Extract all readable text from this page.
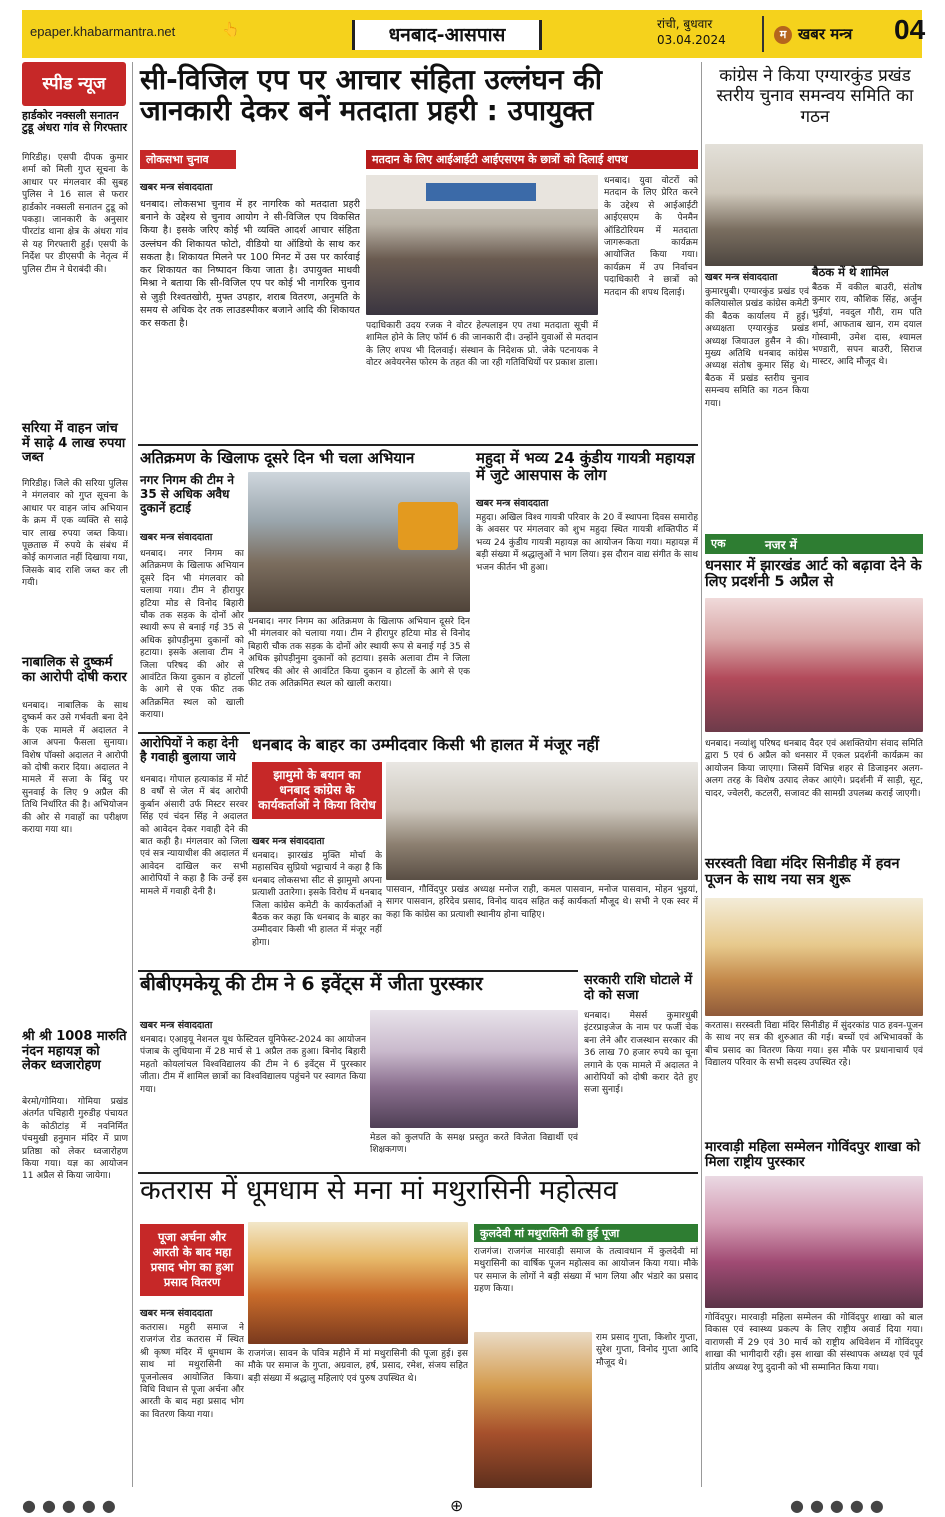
epaper.khabarmantra.net	👆	धनबाद-आसपास	रांची, बुधवार
03.04.2024	म खबर मन्त्र	04
स्पीड न्यूज
हार्डकोर नक्सली सनातन टुडू अंधरा गांव से गिरफ्तार
गिरिडीह। एसपी दीपक कुमार शर्मा को मिली गुप्त सूचना के आधार पर मंगलवार की सुबह पुलिस ने 16 साल से फरार हार्डकोर नक्सली सनातन टुडू को पकड़ा। जानकारी के अनुसार पीरटांड थाना क्षेत्र के अंधरा गांव से यह गिरफ्तारी हुई। एसपी के निर्देश पर डीएसपी के नेतृत्व में पुलिस टीम ने घेराबंदी की।
सरिया में वाहन जांच में साढ़े 4 लाख रुपया जब्त
गिरिडीह। जिले की सरिया पुलिस ने मंगलवार को गुप्त सूचना के आधार पर वाहन जांच अभियान के क्रम में एक व्यक्ति से साढ़े चार लाख रुपया जब्त किया। पूछताछ में रुपये के संबंध में कोई कागजात नहीं दिखाया गया, जिसके बाद राशि जब्त कर ली गयी।
नाबालिक से दुष्कर्म का आरोपी दोषी करार
धनबाद। नाबालिक के साथ दुष्कर्म कर उसे गर्भवती बना देने के एक मामले में अदालत ने आज अपना फैसला सुनाया। विशेष पॉक्सो अदालत ने आरोपी को दोषी करार दिया। अदालत ने मामले में सजा के बिंदु पर सुनवाई के लिए 9 अप्रैल की तिथि निर्धारित की है। अभियोजन की ओर से गवाहों का परीक्षण कराया गया था।
श्री श्री 1008 मारुति नंदन महायज्ञ को लेकर ध्वजारोहण
बेरमो/गोमिया। गोमिया प्रखंड अंतर्गत पचिहारी गुरुडीह पंचायत के कोठीटांड़ में नवनिर्मित पंचमुखी हनुमान मंदिर में प्राण प्रतिष्ठा को लेकर ध्वजारोहण किया गया। यज्ञ का आयोजन 11 अप्रैल से किया जायेगा।
सी-विजिल एप पर आचार संहिता उल्लंघन की जानकारी देकर बनें मतदाता प्रहरी : उपायुक्त
लोकसभा चुनाव
खबर मन्त्र संवाददाता
धनबाद। लोकसभा चुनाव में हर नागरिक को मतदाता प्रहरी बनाने के उद्देश्य से चुनाव आयोग ने सी-विजिल एप विकसित किया है। इसके जरिए कोई भी व्यक्ति आदर्श आचार संहिता उल्लंघन की शिकायत फोटो, वीडियो या ऑडियो के साथ कर सकता है। शिकायत मिलने पर 100 मिनट में उस पर कार्रवाई कर शिकायत का निष्पादन किया जाता है। उपायुक्त माधवी मिश्रा ने बताया कि सी-विजिल एप पर कोई भी नागरिक चुनाव से जुड़ी रिश्वतखोरी, मुफ्त उपहार, शराब वितरण, अनुमति के समय से अधिक देर तक लाउडस्पीकर बजाने आदि की शिकायत कर सकता है।
मतदान के लिए आईआईटी आईएसएम के छात्रों को दिलाई शपथ
धनबाद। युवा वोटरों को मतदान के लिए प्रेरित करने के उद्देश्य से आईआईटी आईएसएम के पेनमैन ऑडिटोरियम में मतदाता जागरूकता कार्यक्रम आयोजित किया गया। कार्यक्रम में उप निर्वाचन पदाधिकारी ने छात्रों को मतदान की शपथ दिलाई।
पदाधिकारी उदय रजक ने वोटर हेल्पलाइन एप तथा मतदाता सूची में शामिल होने के लिए फॉर्म 6 की जानकारी दी। उन्होंने युवाओं से मतदान के लिए शपथ भी दिलवाई। संस्थान के निदेशक प्रो. जेके पटनायक ने वोटर अवेयरनेस फोरम के तहत की जा रही गतिविधियों पर प्रकाश डाला।
कांग्रेस ने किया एग्यारकुंड प्रखंड स्तरीय चुनाव समन्वय समिति का गठन
खबर मन्त्र संवाददाता	बैठक में थे शामिल
कुमारधुबी। एग्यारकुंड प्रखंड एवं कलियासोल प्रखंड कांग्रेस कमेटी की बैठक कार्यालय में हुई। अध्यक्षता एग्यारकुंड प्रखंड अध्यक्ष जियाउल हुसैन ने की। मुख्य अतिथि धनबाद कांग्रेस अध्यक्ष संतोष कुमार सिंह थे। बैठक में प्रखंड स्तरीय चुनाव समन्वय समिति का गठन किया गया।
बैठक में वकील बाउरी, संतोष कुमार राय, कौशिक सिंह, अर्जुन भुईयां, नवदुल गौरी, राम पति शर्मा, आफताब खान, राम दयाल गोस्वामी, उमेश दास, श्यामल भण्डारी, सपन बाउरी, सिराज मास्टर, आदि मौजूद थे।
एक	नजर में
धनसार में झारखंड आर्ट को बढ़ावा देने के लिए प्रदर्शनी 5 अप्रैल से
धनबाद। नव्यांशु परिषद धनबाद वैदर एवं अशक्तियोग संवाद समिति द्वारा 5 एवं 6 अप्रैल को धनसार में एकल प्रदर्शनी कार्यक्रम का आयोजन किया जाएगा। जिसमें विभिन्न शहर से डिजाइनर अलग-अलग तरह के विशेष उत्पाद लेकर आएंगे। प्रदर्शनी में साड़ी, सूट, चादर, ज्वेलरी, कटलरी, सजावट की सामग्री उपलब्ध कराई जाएगी।
सरस्वती विद्या मंदिर सिनीडीह में हवन पूजन के साथ नया सत्र शुरू
करतास। सरस्वती विद्या मंदिर सिनीडीह में सुंदरकांड पाठ हवन-पूजन के साथ नए सत्र की शुरुआत की गई। बच्चों एवं अभिभावकों के बीच प्रसाद का वितरण किया गया। इस मौके पर प्रधानाचार्य एवं विद्यालय परिवार के सभी सदस्य उपस्थित रहे।
मारवाड़ी महिला सम्मेलन गोविंदपुर शाखा को मिला राष्ट्रीय पुरस्कार
गोविंदपुर। मारवाड़ी महिला सम्मेलन की गोविंदपुर शाखा को बाल विकास एवं स्वास्थ्य प्रकल्प के लिए राष्ट्रीय अवार्ड दिया गया। वाराणसी में 29 एवं 30 मार्च को राष्ट्रीय अधिवेशन में गोविंदपुर शाखा की भागीदारी रही। इस शाखा की संस्थापक अध्यक्ष एवं पूर्व प्रांतीय अध्यक्ष रेणु दुदानी को भी सम्मानित किया गया।
अतिक्रमण के खिलाफ दूसरे दिन भी चला अभियान
नगर निगम की टीम ने 35 से अधिक अवैध दुकानें हटाई
खबर मन्त्र संवाददाता
धनबाद। नगर निगम का अतिक्रमण के खिलाफ अभियान दूसरे दिन भी मंगलवार को चलाया गया। टीम ने हीरापुर हटिया मोड से विनोद बिहारी चौक तक सड़क के दोनों ओर स्थायी रूप से बनाई गई 35 से अधिक झोपड़ीनुमा दुकानों को हटाया। इसके अलावा टीम ने जिला परिषद की ओर से आवंटित किया दुकान व होटलों के आगे से एक फीट तक अतिक्रमित स्थल को खाली कराया।
धनबाद। नगर निगम का अतिक्रमण के खिलाफ अभियान दूसरे दिन भी मंगलवार को चलाया गया। टीम ने हीरापुर हटिया मोड से विनोद बिहारी चौक तक सड़क के दोनों ओर स्थायी रूप से बनाई गई 35 से अधिक झोपड़ीनुमा दुकानों को हटाया। इसके अलावा टीम ने जिला परिषद की ओर से आवंटित किया दुकान व होटलों के आगे से एक फीट तक अतिक्रमित स्थल को खाली कराया।
महुदा में भव्य 24 कुंडीय गायत्री महायज्ञ में जुटे आसपास के लोग
खबर मन्त्र संवाददाता
महुदा। अखिल विश्व गायत्री परिवार के 20 वें स्थापना दिवस समारोह के अवसर पर मंगलवार को शुभ महुदा स्थित गायत्री शक्तिपीठ में भव्य 24 कुंडीय गायत्री महायज्ञ का आयोजन किया गया। महायज्ञ में बड़ी संख्या में श्रद्धालुओं ने भाग लिया। इस दौरान वाद्य संगीत के साथ भजन कीर्तन भी हुआ।
आरोपियों ने कहा देनी है गवाही बुलाया जाये
धनबाद। गोपाल हत्याकांड में मोर्ट 8 वर्षों से जेल में बंद आरोपी कुर्बान अंसारी उर्फ मिस्टर सरवर सिंह एवं चंदन सिंह ने अदालत को आवेदन देकर गवाही देने की बात कही है। मंगलवार को जिला एवं सत्र न्यायाधीश की अदालत में आवेदन दाखिल कर सभी आरोपियों ने कहा है कि उन्हें इस मामले में गवाही देनी है।
धनबाद के बाहर का उम्मीदवार किसी भी हालत में मंजूर नहीं
झामुमो के बयान का धनबाद कांग्रेस के कार्यकर्ताओं ने किया विरोध
खबर मन्त्र संवाददाता
धनबाद। झारखंड मुक्ति मोर्चा के महासचिव सुप्रियो भट्टाचार्य ने कहा है कि धनबाद लोकसभा सीट से झामुमो अपना प्रत्याशी उतारेगा। इसके विरोध में धनबाद जिला कांग्रेस कमेटी के कार्यकर्ताओं ने बैठक कर कहा कि धनबाद के बाहर का उम्मीदवार किसी भी हालत में मंजूर नहीं होगा।
पासवान, गौविंदपुर प्रखंड अध्यक्ष मनोज राही, कमल पासवान, मनोज पासवान, मोहन भुइयां, सागर पासवान, हरिदेव प्रसाद, विनोद यादव सहित कई कार्यकर्ता मौजूद थे। सभी ने एक स्वर में कहा कि कांग्रेस का प्रत्याशी स्थानीय होना चाहिए।
बीबीएमकेयू की टीम ने 6 इवेंट्स में जीता पुरस्कार
खबर मन्त्र संवाददाता
धनबाद। एआइयू नेशनल यूथ फेस्टिवल यूनिफेस्ट-2024 का आयोजन पंजाब के लुधियाना में 28 मार्च से 1 अप्रैल तक हुआ। बिनोद बिहारी महतो कोयलांचल विश्वविद्यालय की टीम ने 6 इवेंट्स में पुरस्कार जीता। टीम में शामिल छात्रों का विश्वविद्यालय पहुंचने पर स्वागत किया गया।
मेडल को कुलपति के समक्ष प्रस्तुत करते विजेता विद्यार्थी एवं शिक्षकगण।
सरकारी राशि घोटाले में दो को सजा
धनबाद। मेसर्स कुमारधुबी इंटरप्राइजेज के नाम पर फर्जी चेक बना लेने और राजस्थान सरकार की 36 लाख 70 हजार रुपये का चूना लगाने के एक मामले में अदालत ने आरोपियों को दोषी करार देते हुए सजा सुनाई।
कतरास में धूमधाम से मना मां मथुरासिनी महोत्सव
पूजा अर्चना और आरती के बाद महा प्रसाद भोग का हुआ प्रसाद वितरण
खबर मन्त्र संवाददाता
कतरास। महुरी समाज ने राजगंज रोड कतरास में स्थित श्री कृष्ण मंदिर में धूमधाम के साथ मां मथुरासिनी का पूजनोत्सव आयोजित किया। विधि विधान से पूजा अर्चना और आरती के बाद महा प्रसाद भोग का वितरण किया गया।
राजगंज। सावन के पवित्र महीने में मां मथुरासिनी की पूजा हुई। इस मौके पर समाज के गुप्ता, अग्रवाल, हर्ष, प्रसाद, रमेश, संजय सहित बड़ी संख्या में श्रद्धालु महिलाएं एवं पुरुष उपस्थित थे।
कुलदेवी मां मथुरासिनी की हुई पूजा
राजगंज। राजगंज मारवाड़ी समाज के तत्वावधान में कुलदेवी मां मथुरासिनी का वार्षिक पूजन महोत्सव का आयोजन किया गया। मौके पर समाज के लोगों ने बड़ी संख्या में भाग लिया और भंडारे का प्रसाद ग्रहण किया।
राम प्रसाद गुप्ता, किशोर गुप्ता, सुरेश गुप्ता, विनोद गुप्ता आदि मौजूद थे।
●●●●●	⊕	●●●●●
